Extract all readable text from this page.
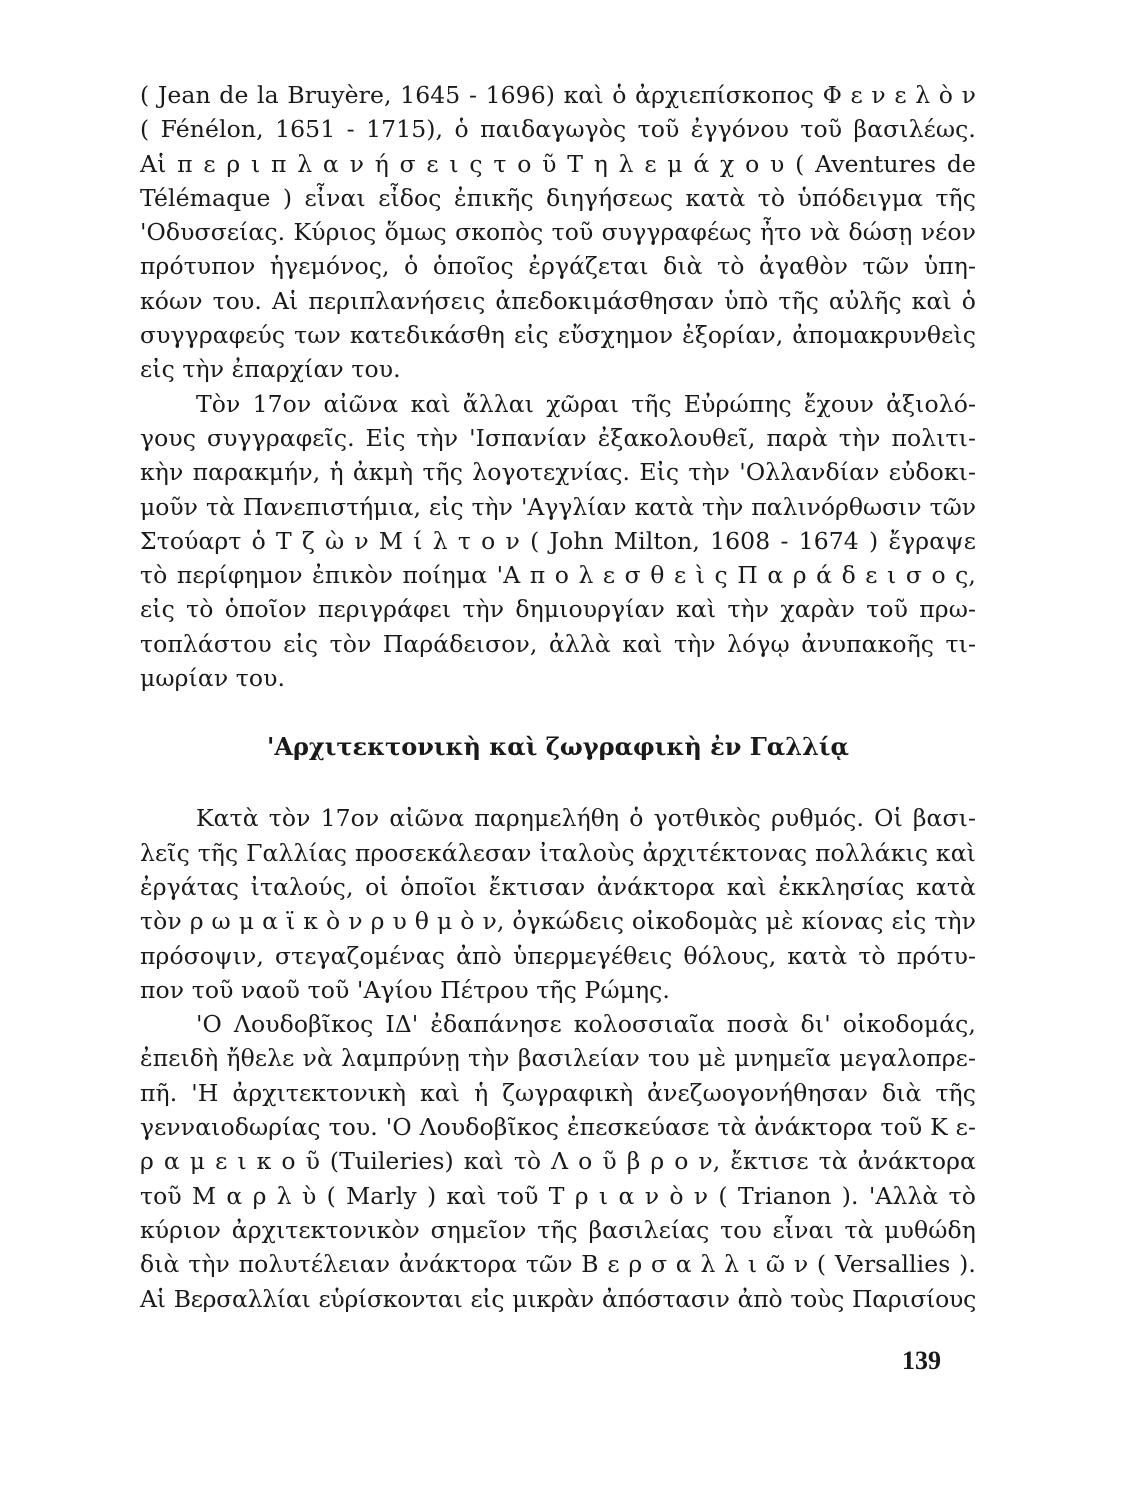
( Jean de la Bruyère, 1645 - 1696) καὶ ὁ ἀρχιεπίσκοπος Φ ε ν ε λ ὸ ν
( Fénélon, 1651 - 1715), ὁ παιδαγωγὸς τοῦ ἐγγόνου τοῦ βασιλέως.
Αἱ π ε ρ ι π λ α ν ή σ ε ι ς τ ο ῦ Τ η λ ε μ ά χ ο υ ( Aventures de
Télémaque ) εἶναι εἶδος ἐπικῆς διηγήσεως κατὰ τὸ ὑπόδειγμα τῆς
'Οδυσσείας. Κύριος ὅμως σκοπὸς τοῦ συγγραφέως ἦτο νὰ δώσῃ νέον
πρότυπον ἡγεμόνος, ὁ ὁποῖος ἐργάζεται διὰ τὸ ἀγαθὸν τῶν ὑπη-
κόων του. Αἱ περιπλανήσεις ἀπεδοκιμάσθησαν ὑπὸ τῆς αὐλῆς καὶ ὁ
συγγραφεύς των κατεδικάσθη εἰς εὔσχημον ἐξορίαν, ἀπομακρυνθεὶς
εἰς τὴν ἐπαρχίαν του.
Τὸν 17ον αἰῶνα καὶ ἄλλαι χῶραι τῆς Εὐρώπης ἔχουν ἀξιολό-
γους συγγραφεῖς. Εἰς τὴν 'Ισπανίαν ἐξακολουθεῖ, παρὰ τὴν πολιτι-
κὴν παρακμήν, ἡ ἀκμὴ τῆς λογοτεχνίας. Εἰς τὴν 'Ολλανδίαν εὐδοκι-
μοῦν τὰ Πανεπιστήμια, εἰς τὴν 'Αγγλίαν κατὰ τὴν παλινόρθωσιν τῶν
Στούαρτ ὁ Τ ζ ὼ ν Μ ί λ τ ο ν ( John Milton, 1608 - 1674 ) ἔγραψε
τὸ περίφημον ἐπικὸν ποίημα 'Α π ο λ ε σ θ ε ὶ ς Π α ρ ά δ ε ι σ ο ς,
εἰς τὸ ὁποῖον περιγράφει τὴν δημιουργίαν καὶ τὴν χαρὰν τοῦ πρω-
τοπλάστου εἰς τὸν Παράδεισον, ἀλλὰ καὶ τὴν λόγῳ ἀνυπακοῆς τι-
μωρίαν του.
'Αρχιτεκτονικὴ καὶ ζωγραφικὴ ἐν Γαλλίᾳ
Κατὰ τὸν 17ον αἰῶνα παρημελήθη ὁ γοτθικὸς ρυθμός. Οἱ βασι-
λεῖς τῆς Γαλλίας προσεκάλεσαν ἰταλοὺς ἀρχιτέκτονας πολλάκις καὶ
ἐργάτας ἰταλούς, οἱ ὁποῖοι ἔκτισαν ἀνάκτορα καὶ ἐκκλησίας κατὰ
τὸν ρ ω μ α ϊ κ ὸ ν ρ υ θ μ ὸ ν, ὀγκώδεις οἰκοδομὰς μὲ κίονας εἰς τὴν
πρόσοψιν, στεγαζομένας ἀπὸ ὑπερμεγέθεις θόλους, κατὰ τὸ πρότυ-
πον τοῦ ναοῦ τοῦ 'Αγίου Πέτρου τῆς Ρώμης.
'Ο Λουδοβῖκος ΙΔ' ἐδαπάνησε κολοσσιαῖα ποσὰ δι' οἰκοδομάς,
ἐπειδὴ ἤθελε νὰ λαμπρύνῃ τὴν βασιλείαν του μὲ μνημεῖα μεγαλοπρε-
πῆ. 'Η ἀρχιτεκτονικὴ καὶ ἡ ζωγραφικὴ ἀνεζωογονήθησαν διὰ τῆς
γενναιοδωρίας του. 'Ο Λουδοβῖκος ἐπεσκεύασε τὰ ἀνάκτορα τοῦ Κ ε-
ρ α μ ε ι κ ο ῦ (Tuileries) καὶ τὸ Λ ο ῦ β ρ ο ν, ἔκτισε τὰ ἀνάκτορα
τοῦ Μ α ρ λ ὺ ( Marly ) καὶ τοῦ Τ ρ ι α ν ὸ ν ( Trianon ). 'Αλλὰ τὸ
κύριον ἀρχιτεκτονικὸν σημεῖον τῆς βασιλείας του εἶναι τὰ μυθώδη
διὰ τὴν πολυτέλειαν ἀνάκτορα τῶν Β ε ρ σ α λ λ ι ῶ ν ( Versallies ).
Αἱ Βερσαλλίαι εὑρίσκονται εἰς μικρὰν ἀπόστασιν ἀπὸ τοὺς Παρισίους
139
